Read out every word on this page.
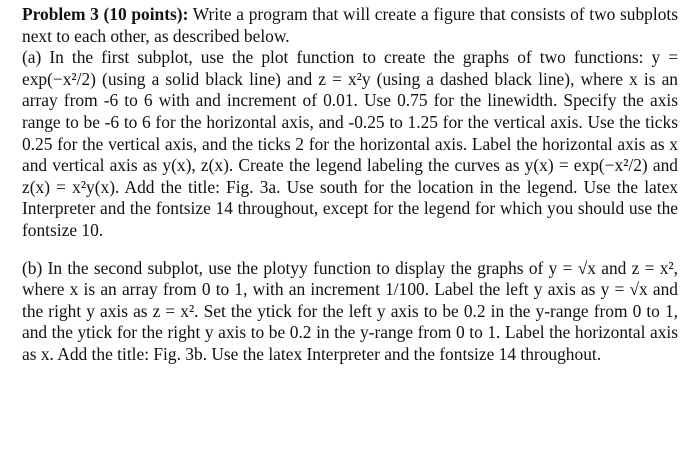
Problem 3 (10 points): Write a program that will create a figure that consists of two subplots next to each other, as described below.

(a) In the first subplot, use the plot function to create the graphs of two functions: y = exp(−x²/2) (using a solid black line) and z = x²y (using a dashed black line), where x is an array from -6 to 6 with and increment of 0.01. Use 0.75 for the linewidth. Specify the axis range to be -6 to 6 for the horizontal axis, and -0.25 to 1.25 for the vertical axis. Use the ticks 0.25 for the vertical axis, and the ticks 2 for the horizontal axis. Label the horizontal axis as x and vertical axis as y(x), z(x). Create the legend labeling the curves as y(x) = exp(−x²/2) and z(x) = x²y(x). Add the title: Fig. 3a. Use south for the location in the legend. Use the latex Interpreter and the fontsize 14 throughout, except for the legend for which you should use the fontsize 10.

(b) In the second subplot, use the plotyy function to display the graphs of y = √x and z = x², where x is an array from 0 to 1, with an increment 1/100. Label the left y axis as y = √x and the right y axis as z = x². Set the ytick for the left y axis to be 0.2 in the y-range from 0 to 1, and the ytick for the right y axis to be 0.2 in the y-range from 0 to 1. Label the horizontal axis as x. Add the title: Fig. 3b. Use the latex Interpreter and the fontsize 14 throughout.
